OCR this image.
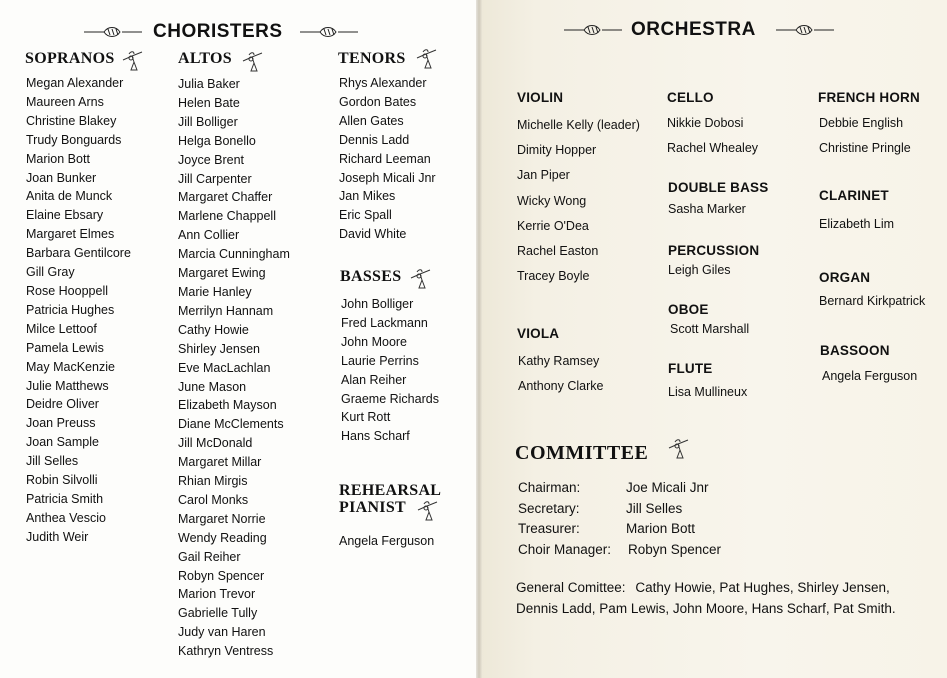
CHORISTERS
SOPRANOS
Megan Alexander
Maureen Arns
Christine Blakey
Trudy Bonguards
Marion Bott
Joan Bunker
Anita de Munck
Elaine Ebsary
Margaret Elmes
Barbara Gentilcore
Gill Gray
Rose Hooppell
Patricia Hughes
Milce Lettoof
Pamela Lewis
May MacKenzie
Julie Matthews
Deidre Oliver
Joan Preuss
Joan Sample
Jill Selles
Robin Silvolli
Patricia Smith
Anthea Vescio
Judith Weir
ALTOS
Julia Baker
Helen Bate
Jill Bolliger
Helga Bonello
Joyce Brent
Jill Carpenter
Margaret Chaffer
Marlene Chappell
Ann Collier
Marcia Cunningham
Margaret Ewing
Marie Hanley
Merrilyn Hannam
Cathy Howie
Shirley Jensen
Eve MacLachlan
June Mason
Elizabeth Mayson
Diane McClements
Jill McDonald
Margaret Millar
Rhian Mirgis
Carol Monks
Margaret Norrie
Wendy Reading
Gail Reiher
Robyn Spencer
Marion Trevor
Gabrielle Tully
Judy van Haren
Kathryn Ventress
TENORS
Rhys Alexander
Gordon Bates
Allen Gates
Dennis Ladd
Richard Leeman
Joseph Micali Jnr
Jan Mikes
Eric Spall
David White
BASSES
John Bolliger
Fred Lackmann
John Moore
Laurie Perrins
Alan Reiher
Graeme Richards
Kurt Rott
Hans Scharf
REHEARSAL
PIANIST
Angela Ferguson
ORCHESTRA
VIOLIN
Michelle Kelly (leader)
Dimity Hopper
Jan Piper
Wicky Wong
Kerrie O'Dea
Rachel Easton
Tracey Boyle
VIOLA
Kathy Ramsey
Anthony Clarke
CELLO
Nikkie Dobosi
Rachel Whealey
DOUBLE BASS
Sasha Marker
PERCUSSION
Leigh Giles
OBOE
Scott Marshall
FLUTE
Lisa Mullineux
FRENCH HORN
Debbie English
Christine Pringle
CLARINET
Elizabeth Lim
ORGAN
Bernard Kirkpatrick
BASSOON
Angela Ferguson
COMMITTEE
Chairman:	Joe Micali Jnr
Secretary:	Jill Selles
Treasurer:	Marion Bott
Choir Manager: Robyn Spencer
General Comittee: Cathy Howie, Pat Hughes, Shirley Jensen,
Dennis Ladd, Pam Lewis, John Moore, Hans Scharf, Pat Smith.
